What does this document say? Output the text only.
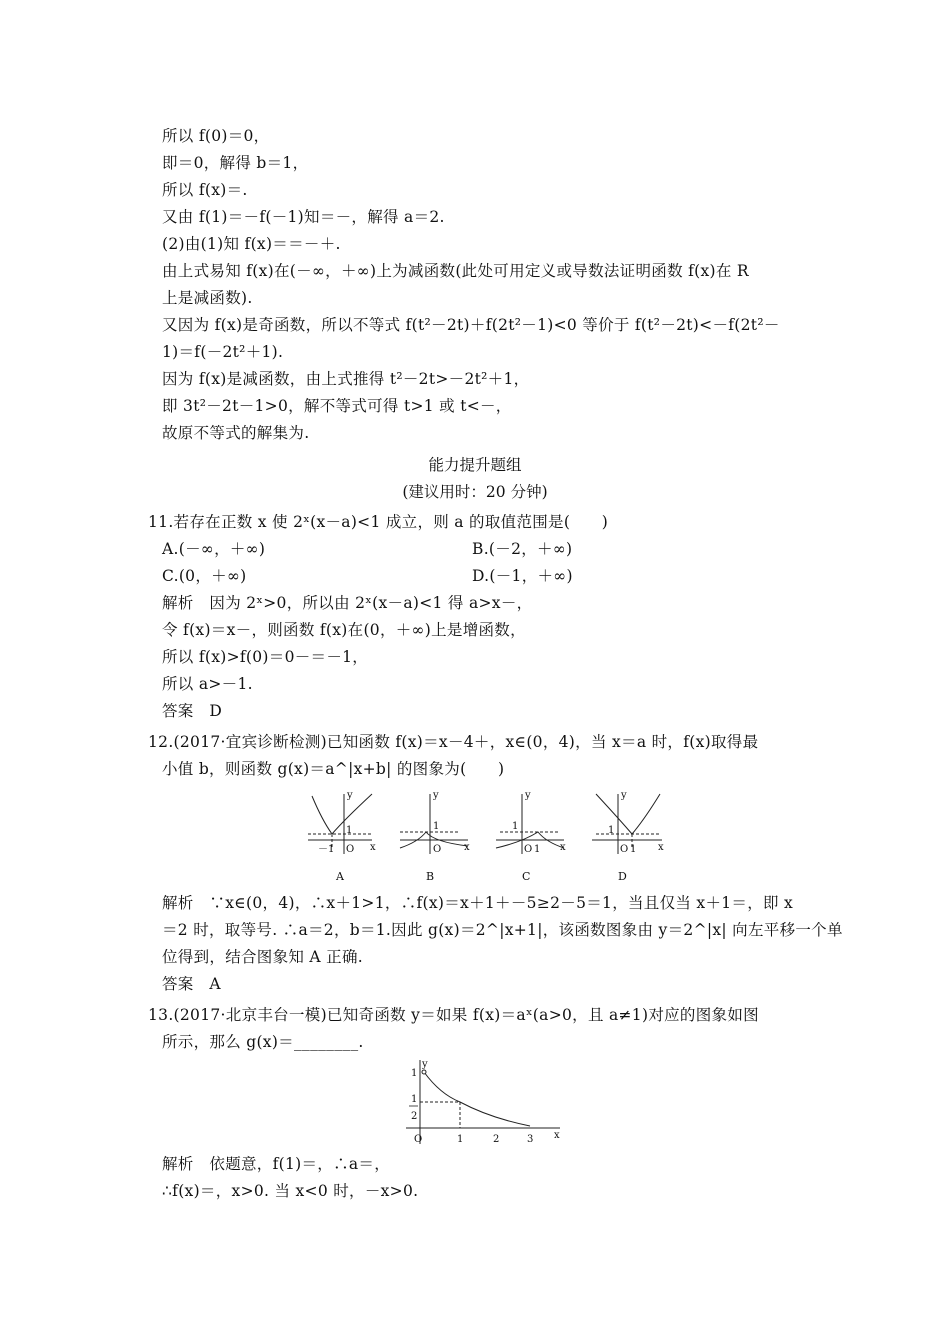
所以 f(0)＝0，
即＝0，解得 b＝1，
所以 f(x)＝.
又由 f(1)＝－f(－1)知＝－，解得 a＝2.
(2)由(1)知 f(x)＝＝－＋.
由上式易知 f(x)在(－∞，＋∞)上为减函数(此处可用定义或导数法证明函数 f(x)在 R
上是减函数).
又因为 f(x)是奇函数，所以不等式 f(t²－2t)＋f(2t²－1)<0 等价于 f(t²－2t)<－f(2t²－
1)＝f(－2t²＋1).
因为 f(x)是减函数，由上式推得 t²－2t>－2t²＋1，
即 3t²－2t－1>0，解不等式可得 t>1 或 t<－，
故原不等式的解集为.
能力提升题组
(建议用时：20 分钟)
11.若存在正数 x 使 2ˣ(x－a)<1 成立，则 a 的取值范围是(　　)
A.(－∞，＋∞)	B.(－2，＋∞)
C.(0，＋∞)	D.(－1，＋∞)
解析　因为 2ˣ>0，所以由 2ˣ(x－a)<1 得 a>x－，
令 f(x)＝x－，则函数 f(x)在(0，＋∞)上是增函数，
所以 f(x)>f(0)＝0－＝－1，
所以 a>－1.
答案　D
12.(2017·宜宾诊断检测)已知函数 f(x)＝x－4＋，x∈(0，4)，当 x＝a 时，f(x)取得最
小值 b，则函数 g(x)＝a^|x+b| 的图象为(　　)
y
x
1
－1 O
y
x
1
O
y
x
1
O 1
y
x
1
O 1
A	B	C	D
解析　∵x∈(0，4)，∴x＋1>1，∴f(x)＝x＋1＋－5≥2－5＝1，当且仅当 x＋1＝，即 x
＝2 时，取等号. ∴a＝2，b＝1.因此 g(x)＝2^|x+1|，该函数图象由 y＝2^|x| 向左平移一个单
位得到，结合图象知 A 正确.
答案　A
13.(2017·北京丰台一模)已知奇函数 y＝如果 f(x)＝aˣ(a>0，且 a≠1)对应的图象如图
所示，那么 g(x)＝________.
y
x
1
1
2
O	1	2	3
解析　依题意，f(1)＝，∴a＝，
∴f(x)＝，x>0. 当 x<0 时，－x>0.
